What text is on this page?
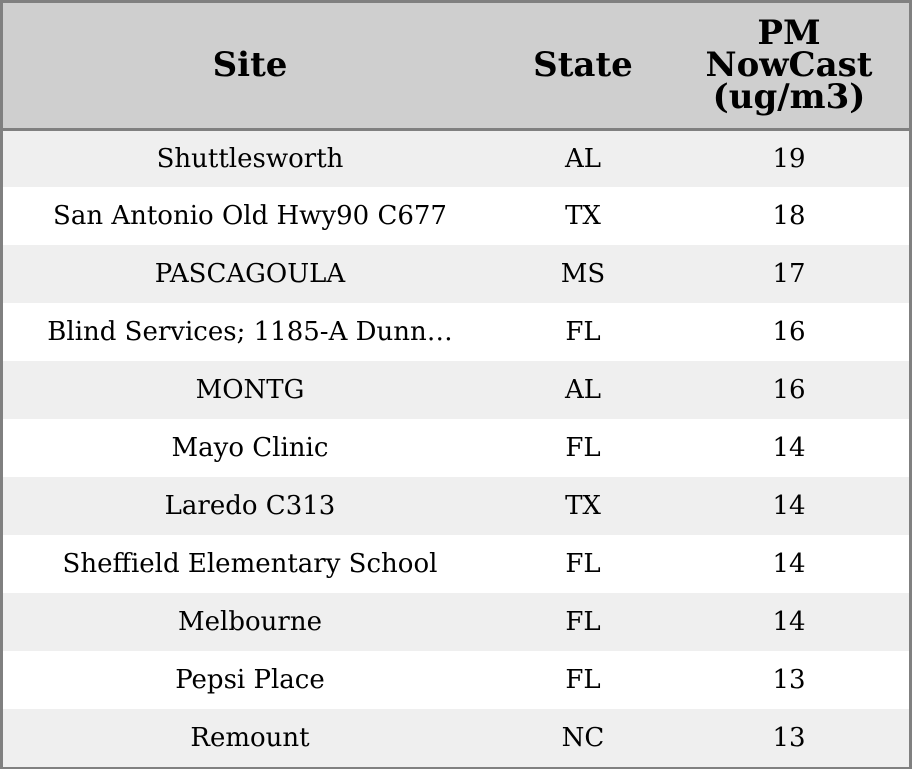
Site	State	PM NowCast (ug/m3)
Shuttlesworth	AL	19
San Antonio Old Hwy90 C677	TX	18
PASCAGOULA	MS	17
Blind Services; 1185-A Dunn…	FL	16
MONTG	AL	16
Mayo Clinic	FL	14
Laredo C313	TX	14
Sheffield Elementary School	FL	14
Melbourne	FL	14
Pepsi Place	FL	13
Remount	NC	13
